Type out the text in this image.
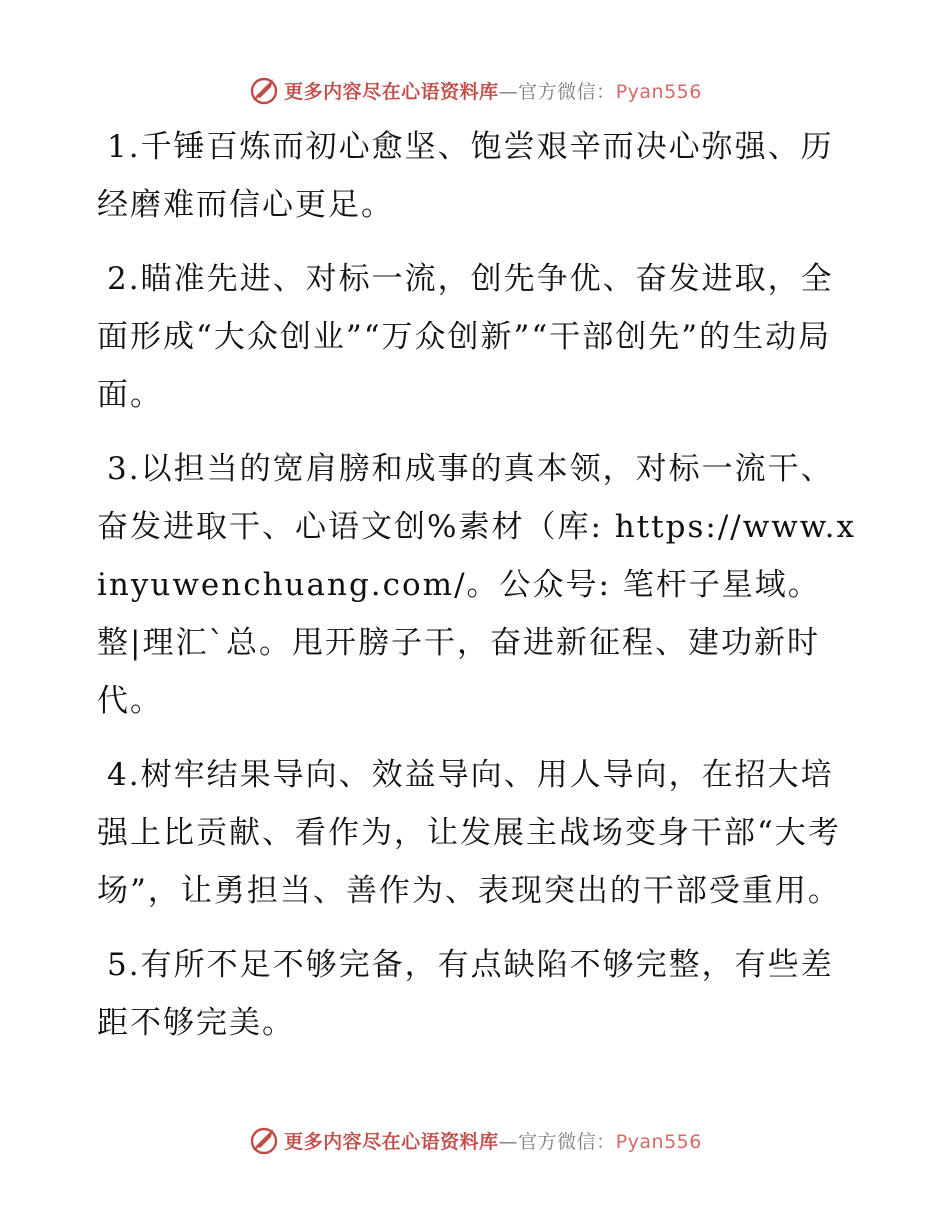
更多内容尽在心语资料库—官方微信：Pyan556

1.千锤百炼而初心愈坚、饱尝艰辛而决心弥强、历经磨难而信心更足。

2.瞄准先进、对标一流，创先争优、奋发进取，全面形成“大众创业”“万众创新”“干部创先”的生动局面。

3.以担当的宽肩膀和成事的真本领，对标一流干、奋发进取干、心语文创%素材（库: https://www.xinyuwenchuang.com/。公众号: 笔杆子星域。整|理汇`总。甩开膀子干，奋进新征程、建功新时代。

4.树牢结果导向、效益导向、用人导向，在招大培强上比贡献、看作为，让发展主战场变身干部“大考场”，让勇担当、善作为、表现突出的干部受重用。

5.有所不足不够完备，有点缺陷不够完整，有些差距不够完美。

更多内容尽在心语资料库—官方微信：Pyan556
